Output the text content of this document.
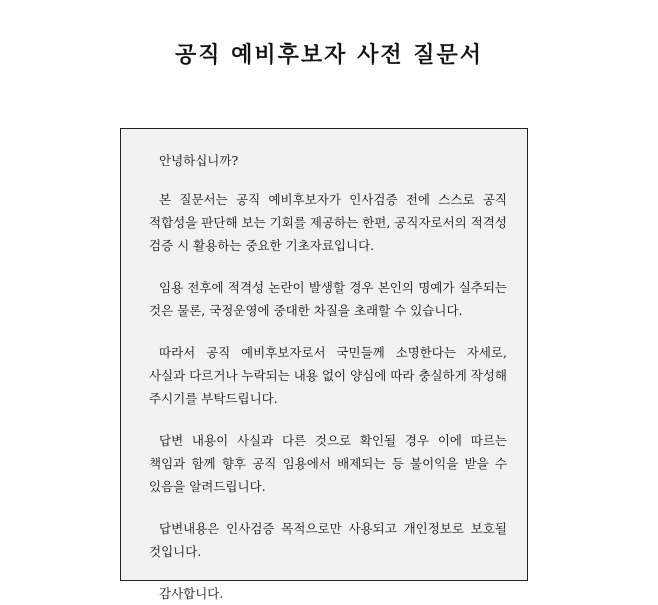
공직 예비후보자 사전 질문서

안녕하십니까?

본 질문서는 공직 예비후보자가 인사검증 전에 스스로 공직 적합성을 판단해 보는 기회를 제공하는 한편, 공직자로서의 적격성 검증 시 활용하는 중요한 기초자료입니다.

임용 전후에 적격성 논란이 발생할 경우 본인의 명예가 실추되는 것은 물론, 국정운영에 중대한 차질을 초래할 수 있습니다.

따라서 공직 예비후보자로서 국민들께 소명한다는 자세로, 사실과 다르거나 누락되는 내용 없이 양심에 따라 충실하게 작성해 주시기를 부탁드립니다.

답변 내용이 사실과 다른 것으로 확인될 경우 이에 따르는 책임과 함께 향후 공직 임용에서 배제되는 등 불이익을 받을 수 있음을 알려드립니다.

답변내용은 인사검증 목적으로만 사용되고 개인정보로 보호될 것입니다.

감사합니다.
